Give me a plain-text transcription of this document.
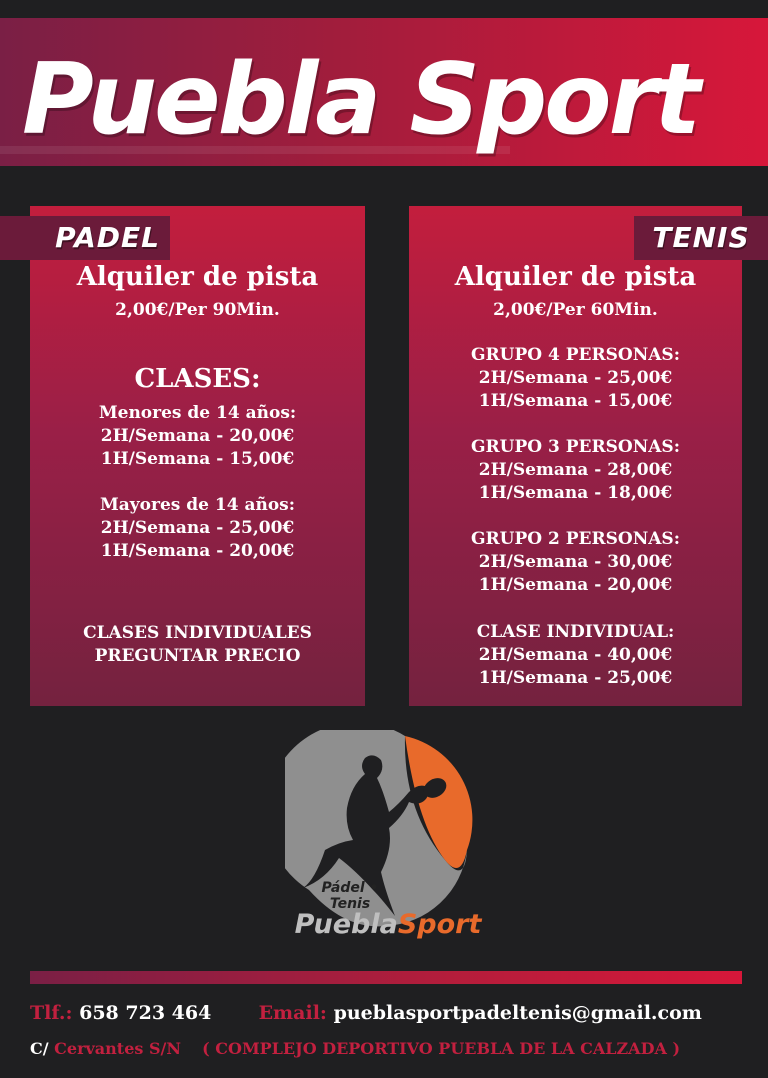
Puebla Sport
PADEL
Alquiler de pista
2,00€/Per 90Min.
CLASES:
Menores de 14 años:
2H/Semana - 20,00€
1H/Semana - 15,00€
Mayores de 14 años:
2H/Semana - 25,00€
1H/Semana - 20,00€
CLASES INDIVIDUALES
PREGUNTAR PRECIO
TENIS
Alquiler de pista
2,00€/Per 60Min.
GRUPO 4 PERSONAS:
2H/Semana - 25,00€
1H/Semana - 15,00€
GRUPO 3 PERSONAS:
2H/Semana - 28,00€
1H/Semana - 18,00€
GRUPO 2 PERSONAS:
2H/Semana - 30,00€
1H/Semana - 20,00€
CLASE INDIVIDUAL:
2H/Semana - 40,00€
1H/Semana - 25,00€
Pádel • Tenis
PueblaSport
Tlf.: 658 723 464 Email: pueblasportpadeltenis@gmail.com
C/ Cervantes S/N ( COMPLEJO DEPORTIVO PUEBLA DE LA CALZADA )
